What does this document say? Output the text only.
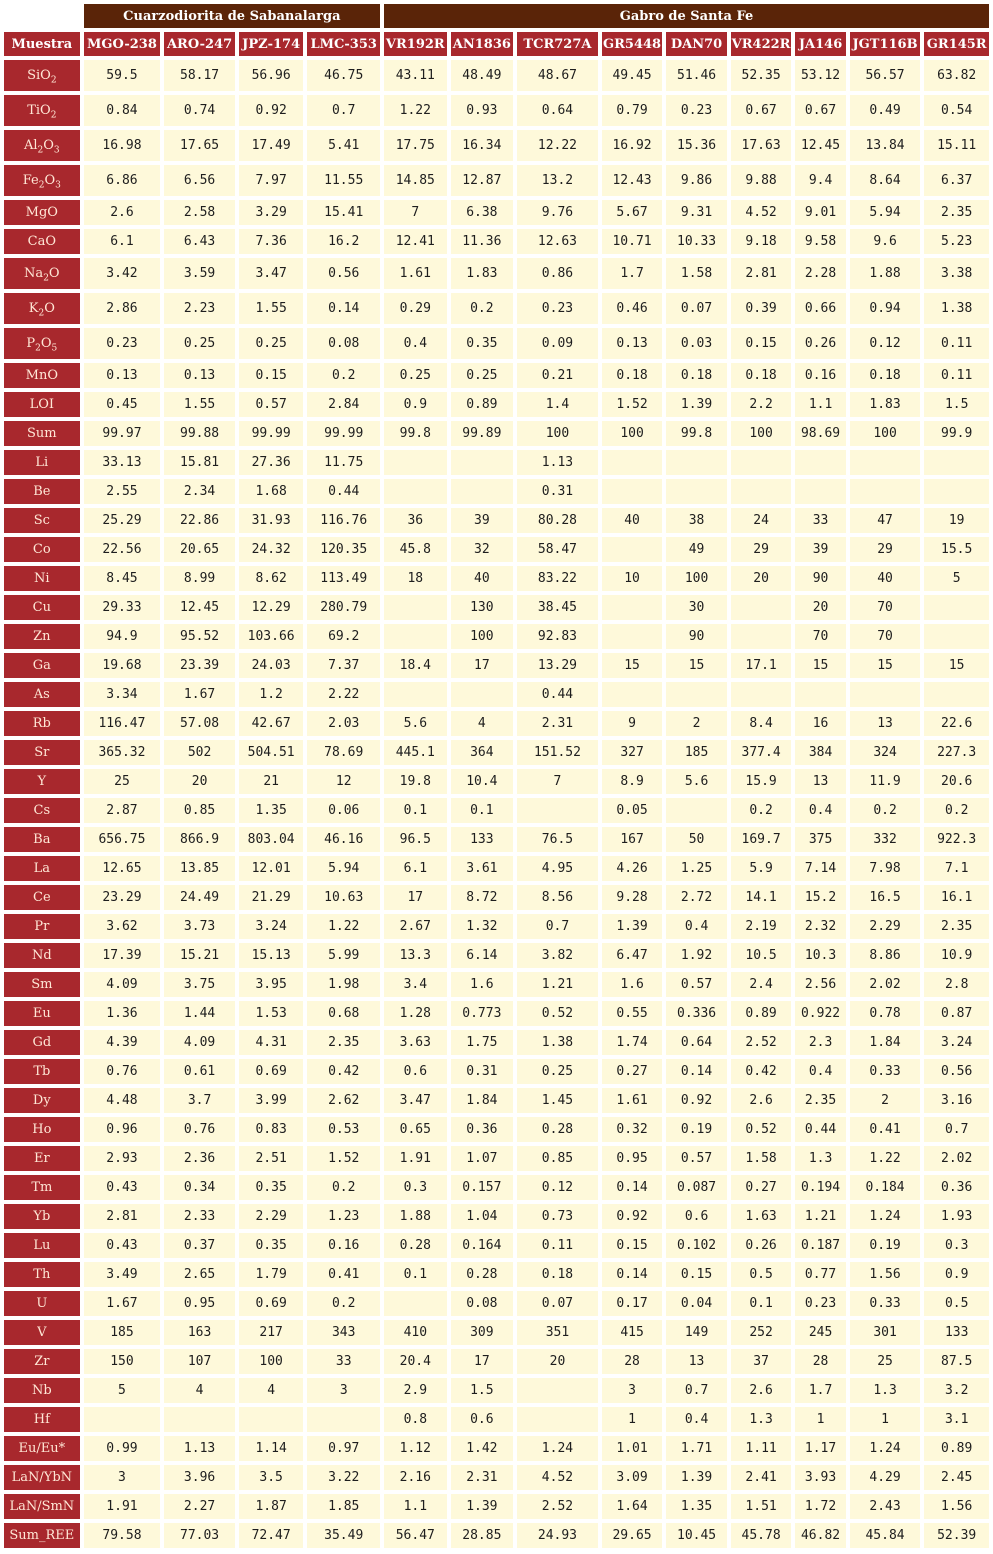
	Cuarzodiorita de Sabanalarga				Gabro de Santa Fe								
Muestra	MGO-238	ARO-247	JPZ-174	LMC-353	VR192R	AN1836	TCR727A	GR5448	DAN70	VR422R	JA146	JGT116B	GR145R
SiO$_2$	59.5	58.17	56.96	46.75	43.11	48.49	48.67	49.45	51.46	52.35	53.12	56.57	63.82
TiO$_2$	0.84	0.74	0.92	0.7	1.22	0.93	0.64	0.79	0.23	0.67	0.67	0.49	0.54
$Al_2O_3$	16.98	17.65	17.49	5.41	17.75	16.34	12.22	16.92	15.36	17.63	12.45	13.84	15.11
$Fe_2O_3$	6.86	6.56	7.97	11.55	14.85	12.87	13.2	12.43	9.86	9.88	9.4	8.64	6.37
MgO	2.6	2.58	3.29	15.41	7	6.38	9.76	5.67	9.31	4.52	9.01	5.94	2.35
CaO	6.1	6.43	7.36	16.2	12.41	11.36	12.63	10.71	10.33	9.18	9.58	9.6	5.23
$Na_2O$	3.42	3.59	3.47	0.56	1.61	1.83	0.86	1.7	1.58	2.81	2.28	1.88	3.38
$K_2O$	2.86	2.23	1.55	0.14	0.29	0.2	0.23	0.46	0.07	0.39	0.66	0.94	1.38
$P_2O_5$	0.23	0.25	0.25	0.08	0.4	0.35	0.09	0.13	0.03	0.15	0.26	0.12	0.11
MnO	0.13	0.13	0.15	0.2	0.25	0.25	0.21	0.18	0.18	0.18	0.16	0.18	0.11
LOI	0.45	1.55	0.57	2.84	0.9	0.89	1.4	1.52	1.39	2.2	1.1	1.83	1.5
Sum	99.97	99.88	99.99	99.99	99.8	99.89	100	100	99.8	100	98.69	100	99.9
Li	33.13	15.81	27.36	11.75			1.13						
Be	2.55	2.34	1.68	0.44			0.31						
Sc	25.29	22.86	31.93	116.76	36	39	80.28	40	38	24	33	47	19
Co	22.56	20.65	24.32	120.35	45.8	32	58.47		49	29	39	29	15.5
Ni	8.45	8.99	8.62	113.49	18	40	83.22	10	100	20	90	40	5
Cu	29.33	12.45	12.29	280.79		130	38.45		30		20	70	
Zn	94.9	95.52	103.66	69.2		100	92.83		90		70	70	
Ga	19.68	23.39	24.03	7.37	18.4	17	13.29	15	15	17.1	15	15	15
As	3.34	1.67	1.2	2.22			0.44						
Rb	116.47	57.08	42.67	2.03	5.6	4	2.31	9	2	8.4	16	13	22.6
Sr	365.32	502	504.51	78.69	445.1	364	151.52	327	185	377.4	384	324	227.3
Y	25	20	21	12	19.8	10.4	7	8.9	5.6	15.9	13	11.9	20.6
Cs	2.87	0.85	1.35	0.06	0.1	0.1		0.05		0.2	0.4	0.2	0.2
Ba	656.75	866.9	803.04	46.16	96.5	133	76.5	167	50	169.7	375	332	922.3
La	12.65	13.85	12.01	5.94	6.1	3.61	4.95	4.26	1.25	5.9	7.14	7.98	7.1
Ce	23.29	24.49	21.29	10.63	17	8.72	8.56	9.28	2.72	14.1	15.2	16.5	16.1
Pr	3.62	3.73	3.24	1.22	2.67	1.32	0.7	1.39	0.4	2.19	2.32	2.29	2.35
Nd	17.39	15.21	15.13	5.99	13.3	6.14	3.82	6.47	1.92	10.5	10.3	8.86	10.9
Sm	4.09	3.75	3.95	1.98	3.4	1.6	1.21	1.6	0.57	2.4	2.56	2.02	2.8
Eu	1.36	1.44	1.53	0.68	1.28	0.773	0.52	0.55	0.336	0.89	0.922	0.78	0.87
Gd	4.39	4.09	4.31	2.35	3.63	1.75	1.38	1.74	0.64	2.52	2.3	1.84	3.24
Tb	0.76	0.61	0.69	0.42	0.6	0.31	0.25	0.27	0.14	0.42	0.4	0.33	0.56
Dy	4.48	3.7	3.99	2.62	3.47	1.84	1.45	1.61	0.92	2.6	2.35	2	3.16
Ho	0.96	0.76	0.83	0.53	0.65	0.36	0.28	0.32	0.19	0.52	0.44	0.41	0.7
Er	2.93	2.36	2.51	1.52	1.91	1.07	0.85	0.95	0.57	1.58	1.3	1.22	2.02
Tm	0.43	0.34	0.35	0.2	0.3	0.157	0.12	0.14	0.087	0.27	0.194	0.184	0.36
Yb	2.81	2.33	2.29	1.23	1.88	1.04	0.73	0.92	0.6	1.63	1.21	1.24	1.93
Lu	0.43	0.37	0.35	0.16	0.28	0.164	0.11	0.15	0.102	0.26	0.187	0.19	0.3
Th	3.49	2.65	1.79	0.41	0.1	0.28	0.18	0.14	0.15	0.5	0.77	1.56	0.9
U	1.67	0.95	0.69	0.2		0.08	0.07	0.17	0.04	0.1	0.23	0.33	0.5
V	185	163	217	343	410	309	351	415	149	252	245	301	133
Zr	150	107	100	33	20.4	17	20	28	13	37	28	25	87.5
Nb	5	4	4	3	2.9	1.5		3	0.7	2.6	1.7	1.3	3.2
Hf					0.8	0.6		1	0.4	1.3	1	1	3.1
Eu/Eu*	0.99	1.13	1.14	0.97	1.12	1.42	1.24	1.01	1.71	1.11	1.17	1.24	0.89
LaN/YbN	3	3.96	3.5	3.22	2.16	2.31	4.52	3.09	1.39	2.41	3.93	4.29	2.45
LaN/SmN	1.91	2.27	1.87	1.85	1.1	1.39	2.52	1.64	1.35	1.51	1.72	2.43	1.56
Sum_REE	79.58	77.03	72.47	35.49	56.47	28.85	24.93	29.65	10.45	45.78	46.82	45.84	52.39
